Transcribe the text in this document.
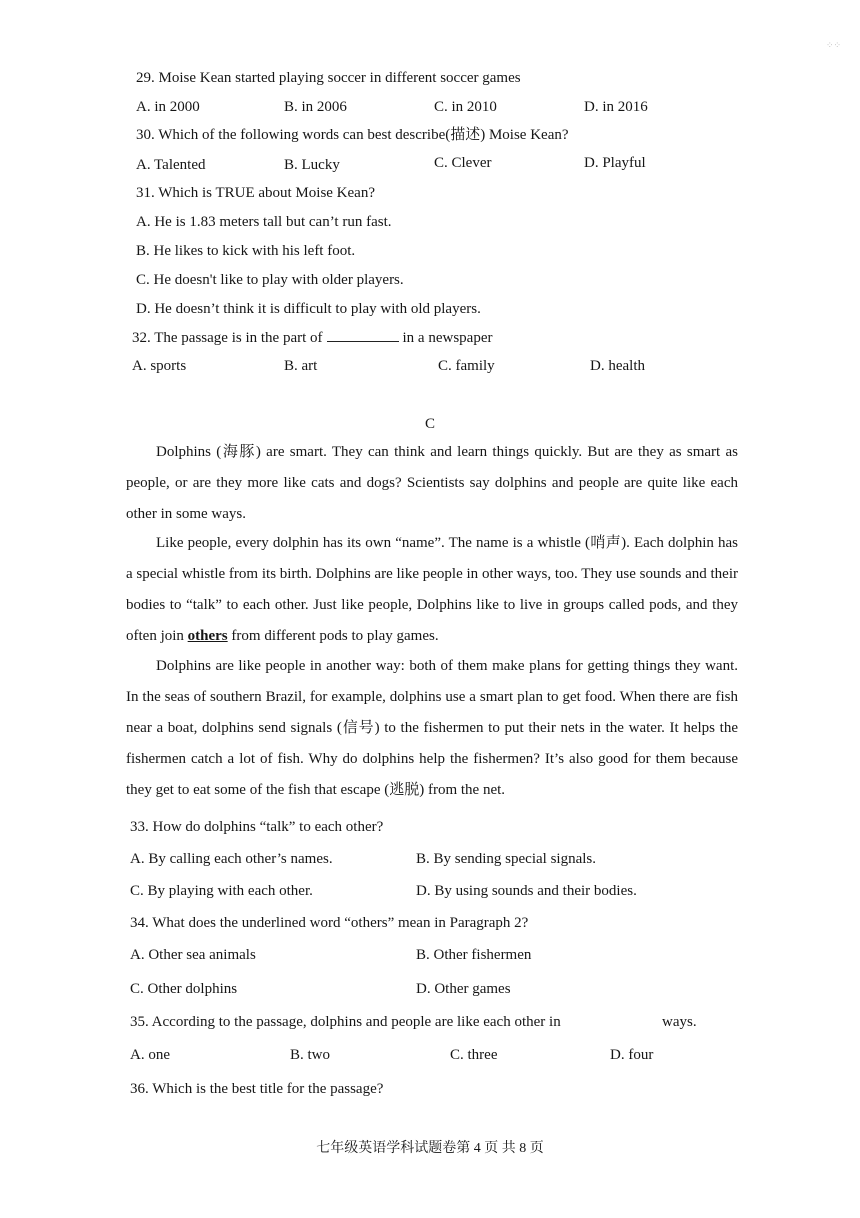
⁘⁘
29. Moise Kean started playing soccer in different soccer games
A. in 2000	B. in 2006	C. in 2010	D. in 2016
30. Which of the following words can best describe(描述) Moise Kean?
A. Talented	B. Lucky	C. Clever	D. Playful
31. Which is TRUE about Moise Kean?
A. He is 1.83 meters tall but can’t run fast.
B. He likes to kick with his left foot.
C. He doesn't like to play with older players.
D. He doesn’t think it is difficult to play with old players.
32. The passage is in the part of	in a newspaper
A. sports	B. art	C. family	D. health
C
Dolphins (海豚) are smart. They can think and learn things quickly. But are they as smart as people, or are they more like cats and dogs? Scientists say dolphins and people are quite like each other in some ways.
Like people, every dolphin has its own “name”. The name is a whistle (哨声). Each dolphin has a special whistle from its birth. Dolphins are like people in other ways, too. They use sounds and their bodies to “talk” to each other. Just like people, Dolphins like to live in groups called pods, and they often join others from different pods to play games.
Dolphins are like people in another way: both of them make plans for getting things they want. In the seas of southern Brazil, for example, dolphins use a smart plan to get food. When there are fish near a boat, dolphins send signals (信号) to the fishermen to put their nets in the water. It helps the fishermen catch a lot of fish. Why do dolphins help the fishermen? It’s also good for them because they get to eat some of the fish that escape (逃脱) from the net.
33. How do dolphins “talk” to each other?
A. By calling each other’s names.	B. By sending special signals.
C. By playing with each other.	D. By using sounds and their bodies.
34. What does the underlined word “others” mean in Paragraph 2?
A. Other sea animals	B. Other fishermen
C. Other dolphins	D. Other games
35. According to the passage, dolphins and people are like each other in	ways.
A. one	B. two	C. three	D. four
36. Which is the best title for the passage?
七年级英语学科试题卷第 4 页 共 8 页
